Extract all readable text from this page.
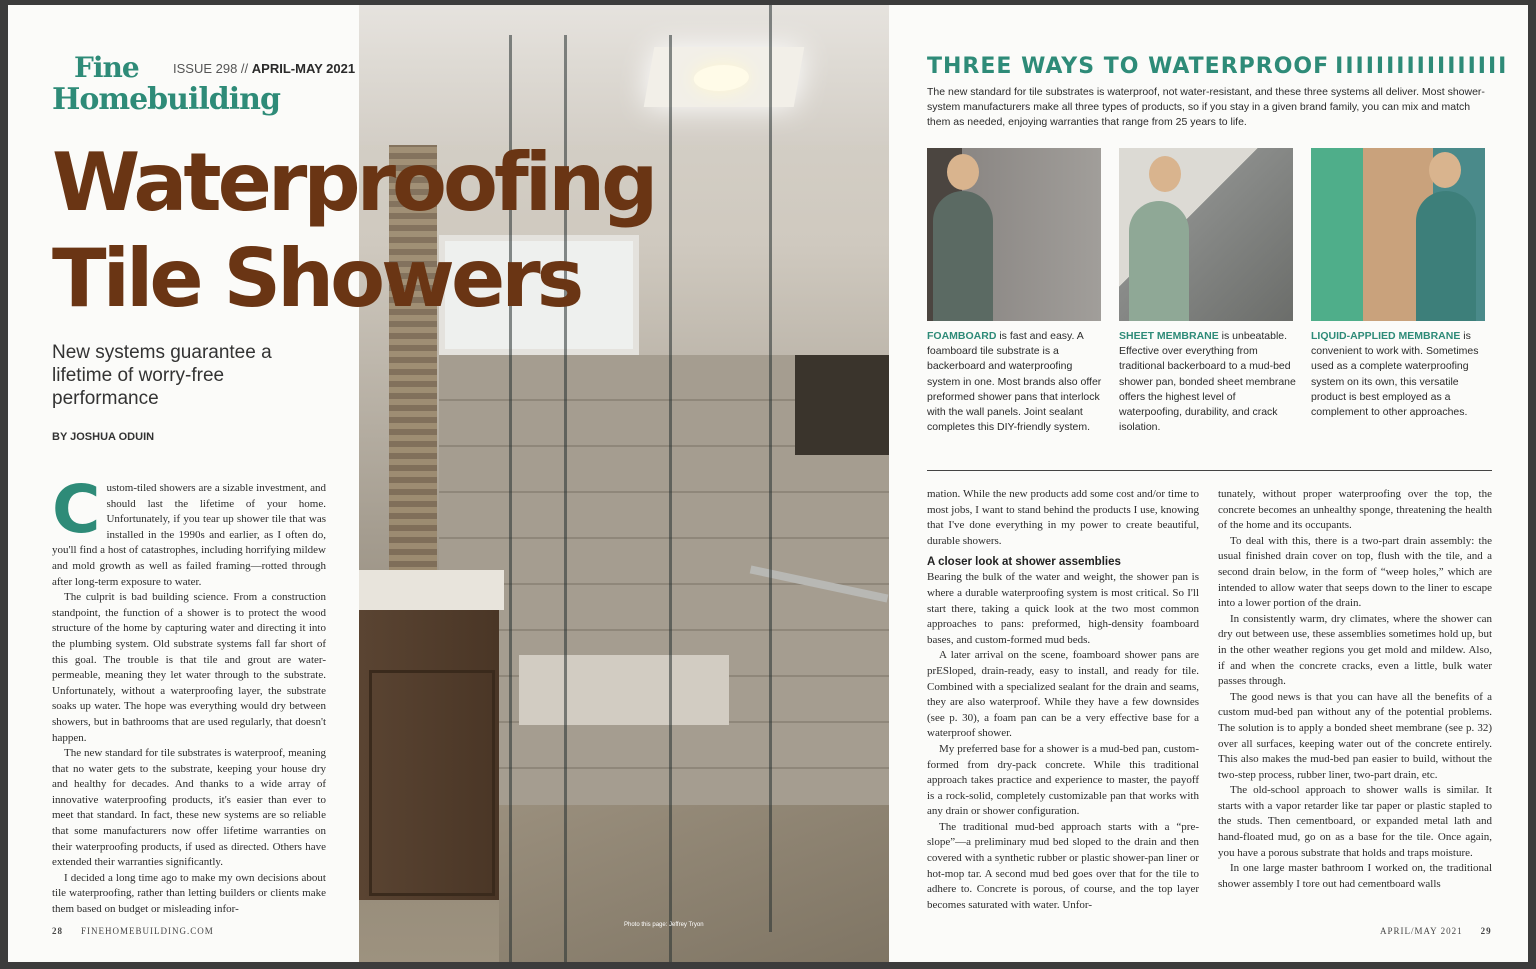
Photo this page: Jeffrey Tryon
Fine
Homebuilding
ISSUE 298 // APRIL-MAY 2021
Waterproofing
Tile Showers
New systems guarantee a lifetime of worry-free performance
BY JOSHUA ODUIN

Custom-tiled showers are a sizable investment, and should last the lifetime of your home. Unfortunately, if you tear up shower tile that was installed in the 1990s and earlier, as I often do, you'll find a host of catastrophes, including horrifying mildew and mold growth as well as failed framing—rotted through after long-term exposure to water.

The culprit is bad building science. From a construction standpoint, the function of a shower is to protect the wood structure of the home by capturing water and directing it into the plumbing system. Old substrate systems fall far short of this goal. The trouble is that tile and grout are water-permeable, meaning they let water through to the substrate. Unfortunately, without a waterproofing layer, the substrate soaks up water. The hope was everything would dry between showers, but in bathrooms that are used regularly, that doesn't happen.

The new standard for tile substrates is waterproof, meaning that no water gets to the substrate, keeping your house dry and healthy for decades. And thanks to a wide array of innovative waterproofing products, it's easier than ever to meet that standard. In fact, these new systems are so reliable that some manufacturers now offer lifetime warranties on their waterproofing products, if used as directed. Others have extended their warranties significantly.

I decided a long time ago to make my own decisions about tile waterproofing, rather than letting builders or clients make them based on budget or misleading infor-

28 FINEHOMEBUILDING.COM
THREE WAYS TO WATERPROOF IIIIIIIIIIIIIIIII
The new standard for tile substrates is waterproof, not water-resistant, and these three systems all deliver. Most shower-system manufacturers make all three types of products, so if you stay in a given brand family, you can mix and match them as needed, enjoying warranties that range from 25 years to life.
FOAMBOARD is fast and easy. A foamboard tile substrate is a backerboard and waterproofing system in one. Most brands also offer preformed shower pans that interlock with the wall panels. Joint sealant completes this DIY-friendly system.
SHEET MEMBRANE is unbeatable. Effective over everything from traditional backerboard to a mud-bed shower pan, bonded sheet membrane offers the highest level of waterpoofing, durability, and crack isolation.
LIQUID-APPLIED MEMBRANE is convenient to work with. Sometimes used as a complete waterproofing system on its own, this versatile product is best employed as a complement to other approaches.

mation. While the new products add some cost and/or time to most jobs, I want to stand behind the products I use, knowing that I've done everything in my power to create beautiful, durable showers.

A closer look at shower assemblies

Bearing the bulk of the water and weight, the shower pan is where a durable waterproofing system is most critical. So I'll start there, taking a quick look at the two most common approaches to pans: preformed, high-density foamboard bases, and custom-formed mud beds.

A later arrival on the scene, foamboard shower pans are prESloped, drain-ready, easy to install, and ready for tile. Combined with a specialized sealant for the drain and seams, they are also waterproof. While they have a few downsides (see p. 30), a foam pan can be a very effective base for a waterproof shower.

My preferred base for a shower is a mud-bed pan, custom-formed from dry-pack concrete. While this traditional approach takes practice and experience to master, the payoff is a rock-solid, completely customizable pan that works with any drain or shower configuration.

The traditional mud-bed approach starts with a “pre-slope”—a preliminary mud bed sloped to the drain and then covered with a synthetic rubber or plastic shower-pan liner or hot-mop tar. A second mud bed goes over that for the tile to adhere to. Concrete is porous, of course, and the top layer becomes saturated with water. Unfor-

tunately, without proper waterproofing over the top, the concrete becomes an unhealthy sponge, threatening the health of the home and its occupants.

To deal with this, there is a two-part drain assembly: the usual finished drain cover on top, flush with the tile, and a second drain below, in the form of “weep holes,” which are intended to allow water that seeps down to the liner to escape into a lower portion of the drain.

In consistently warm, dry climates, where the shower can dry out between use, these assemblies sometimes hold up, but in the other weather regions you get mold and mildew. Also, if and when the concrete cracks, even a little, bulk water passes through.

The good news is that you can have all the benefits of a custom mud-bed pan without any of the potential problems. The solution is to apply a bonded sheet membrane (see p. 32) over all surfaces, keeping water out of the concrete entirely. This also makes the mud-bed pan easier to build, without the two-step process, rubber liner, two-part drain, etc.

The old-school approach to shower walls is similar. It starts with a vapor retarder like tar paper or plastic stapled to the studs. Then cementboard, or expanded metal lath and hand-floated mud, go on as a base for the tile. Once again, you have a porous substrate that holds and traps moisture.

In one large master bathroom I worked on, the traditional shower assembly I tore out had cementboard walls

APRIL/MAY 2021 29
